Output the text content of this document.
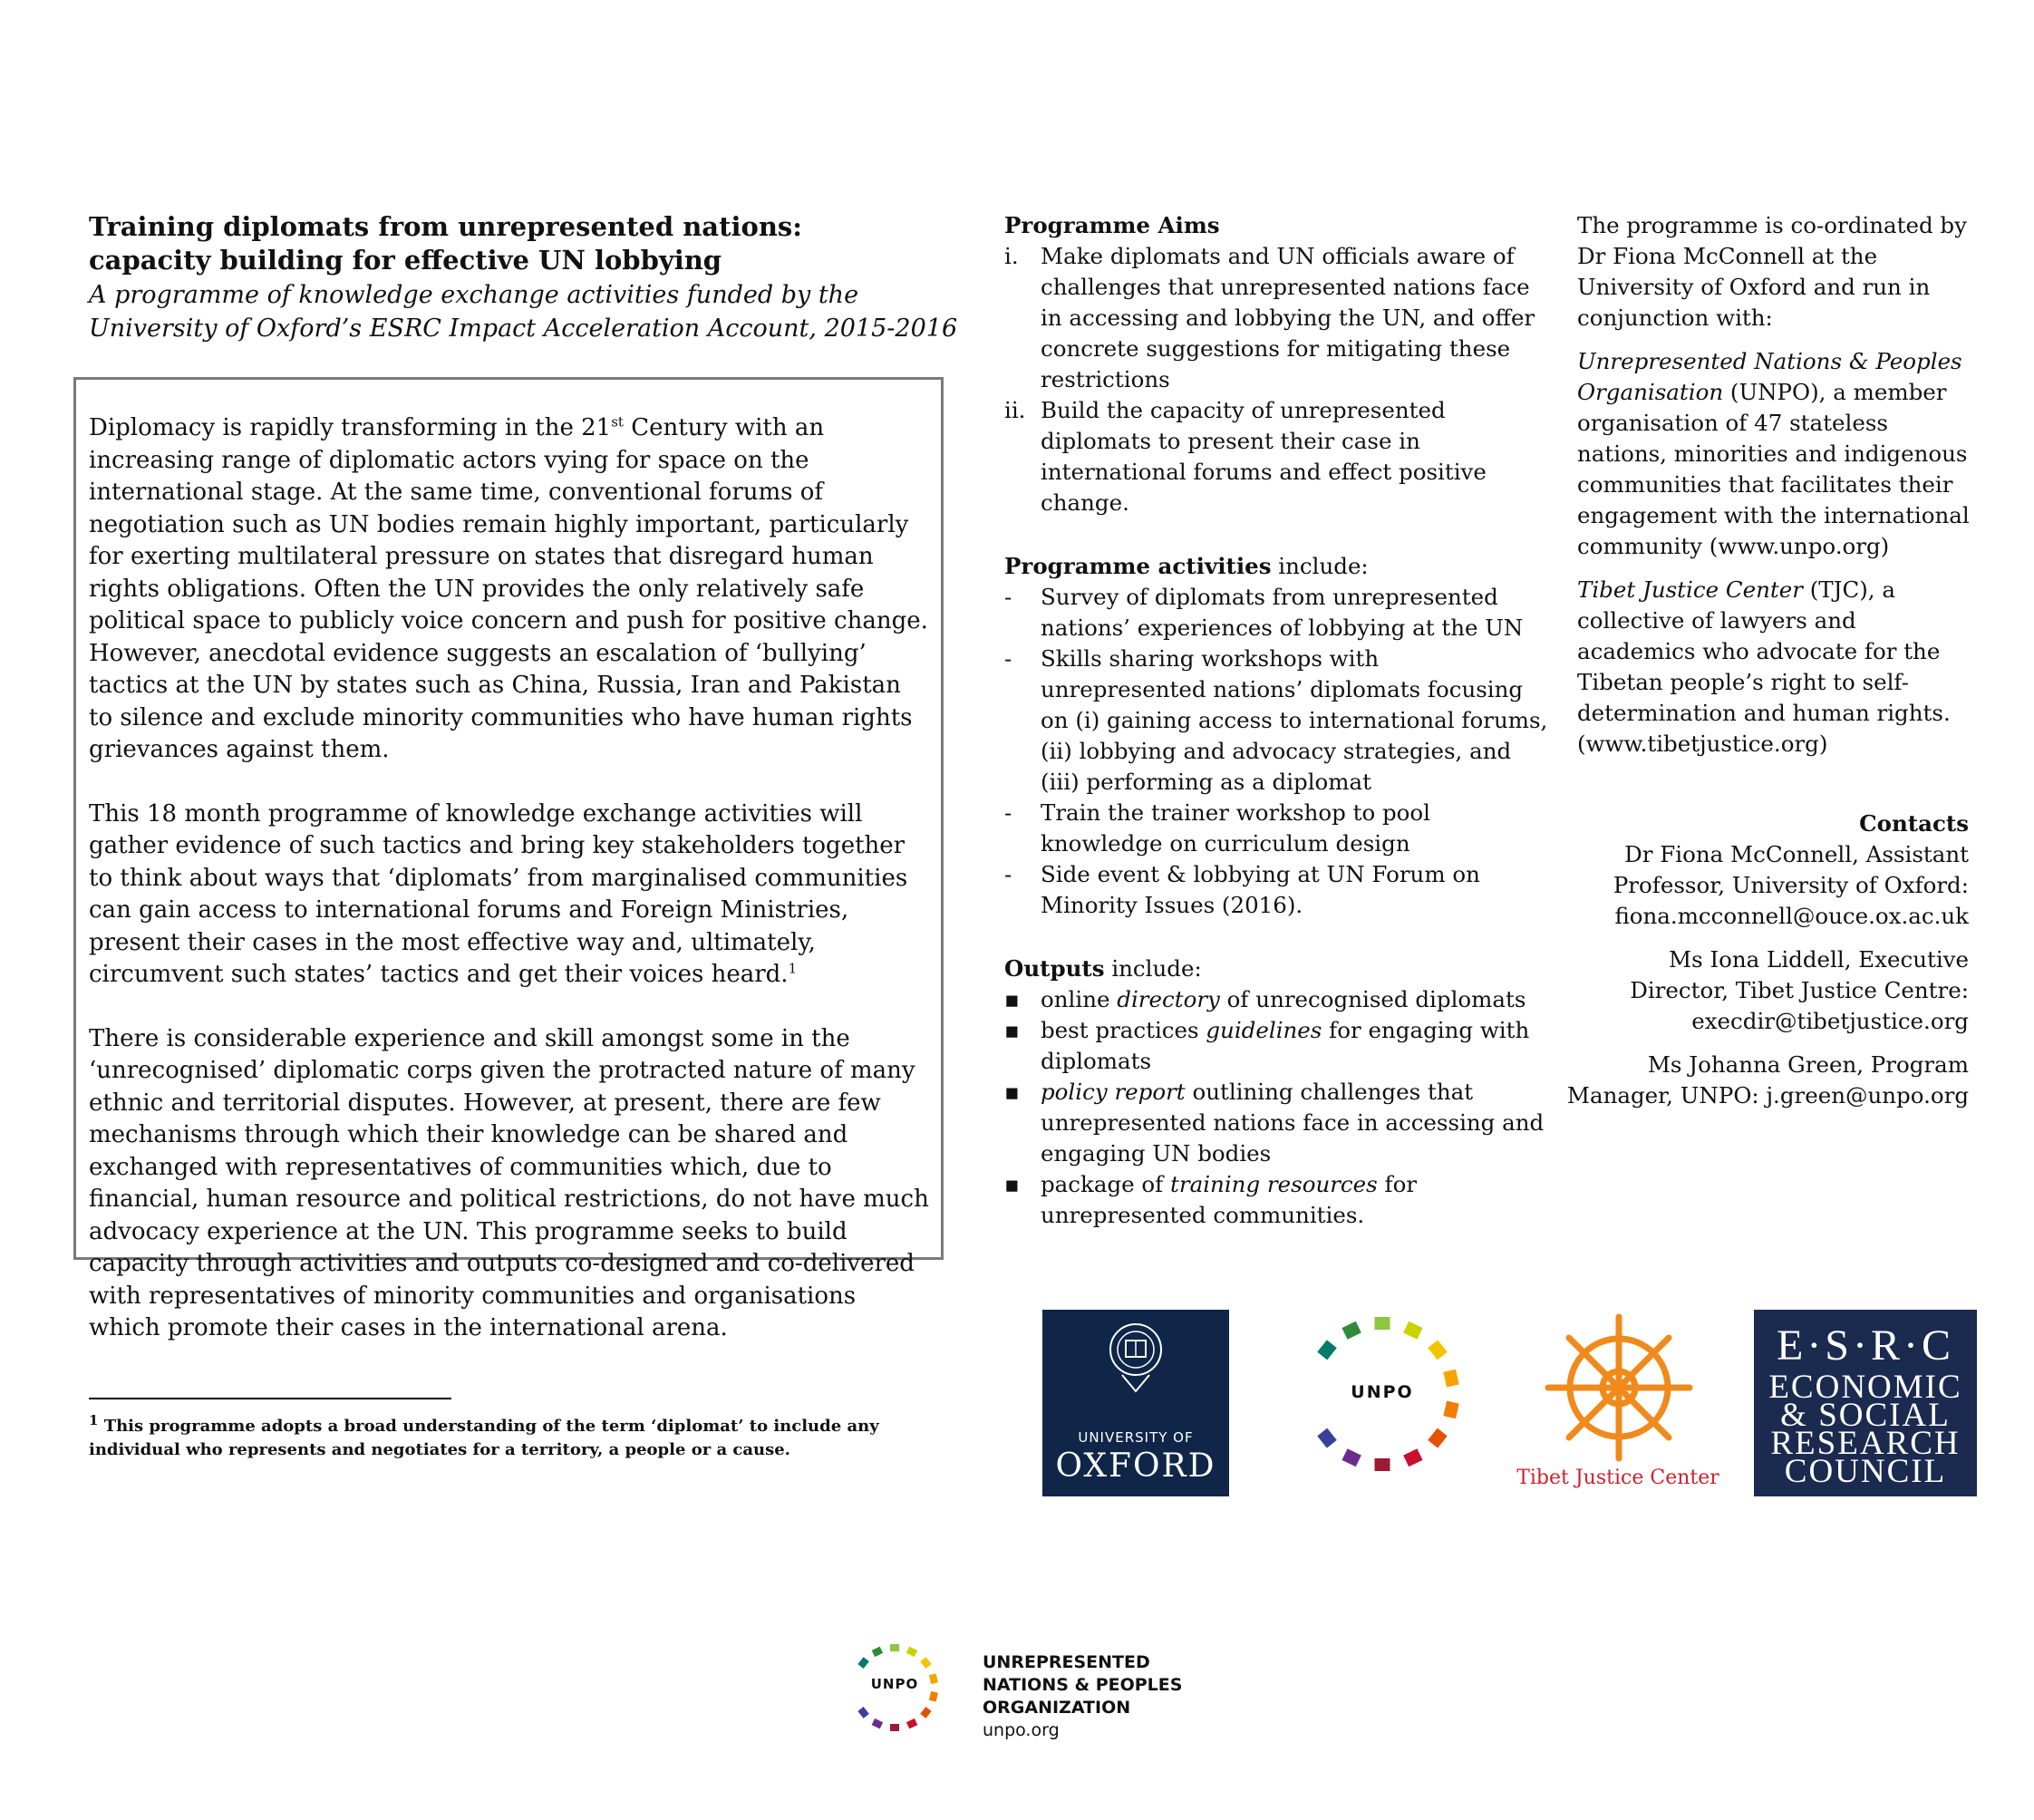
Training diplomats from unrepresented nations:
capacity building for effective UN lobbying
A programme of knowledge exchange activities funded by the
University of Oxford’s ESRC Impact Acceleration Account, 2015-2016

Diplomacy is rapidly transforming in the 21st Century with an increasing range of diplomatic actors vying for space on the international stage. At the same time, conventional forums of negotiation such as UN bodies remain highly important, particularly for exerting multilateral pressure on states that disregard human rights obligations. Often the UN provides the only relatively safe political space to publicly voice concern and push for positive change. However, anecdotal evidence suggests an escalation of ‘bullying’ tactics at the UN by states such as China, Russia, Iran and Pakistan to silence and exclude minority communities who have human rights grievances against them.

This 18 month programme of knowledge exchange activities will gather evidence of such tactics and bring key stakeholders together to think about ways that ‘diplomats’ from marginalised communities can gain access to international forums and Foreign Ministries, present their cases in the most effective way and, ultimately, circumvent such states’ tactics and get their voices heard.$^1$

There is considerable experience and skill amongst some in the ‘unrecognised’ diplomatic corps given the protracted nature of many ethnic and territorial disputes. However, at present, there are few mechanisms through which their knowledge can be shared and exchanged with representatives of communities which, due to financial, human resource and political restrictions, do not have much advocacy experience at the UN. This programme seeks to build capacity through activities and outputs co-designed and co-delivered with representatives of minority communities and organisations which promote their cases in the international arena.

$^1$ This programme adopts a broad understanding of the term ‘diplomat’ to include any individual who represents and negotiates for a territory, a people or a cause.
Programme Aims
i. Make diplomats and UN officials aware of challenges that unrepresented nations face in accessing and lobbying the UN, and offer concrete suggestions for mitigating these restrictions
ii. Build the capacity of unrepresented diplomats to present their case in international forums and effect positive change.
Programme activities include:
-	Survey of diplomats from unrepresented nations’ experiences of lobbying at the UN
-	Skills sharing workshops with unrepresented nations’ diplomats focusing on (i) gaining access to international forums, (ii) lobbying and advocacy strategies, and (iii) performing as a diplomat
-	Train the trainer workshop to pool knowledge on curriculum design
-	Side event & lobbying at UN Forum on Minority Issues (2016).
Outputs include:
▪ online directory of unrecognised diplomats
▪ best practices guidelines for engaging with diplomats
▪ policy report outlining challenges that unrepresented nations face in accessing and engaging UN bodies
▪ package of training resources for unrepresented communities.

The programme is co-ordinated by Dr Fiona McConnell at the University of Oxford and run in conjunction with:

Unrepresented Nations & Peoples Organisation (UNPO), a member organisation of 47 stateless nations, minorities and indigenous communities that facilitates their engagement with the international community (www.unpo.org)

Tibet Justice Center (TJC), a collective of lawyers and academics who advocate for the Tibetan people’s right to self-determination and human rights. (www.tibetjustice.org)

Contacts

Dr Fiona McConnell, Assistant
Professor, University of Oxford:
fiona.mcconnell@ouce.ox.ac.uk

Ms Iona Liddell, Executive
Director, Tibet Justice Centre:
execdir@tibetjustice.org

Ms Johanna Green, Program
Manager, UNPO: j.green@unpo.org

UNIVERSITY OF
OXFORD
UNPO
Tibet Justice Center
E·S·R·C
ECONOMIC
& SOCIAL
RESEARCH
COUNCIL
UNPO
UNREPRESENTED
NATIONS & PEOPLES
ORGANIZATION
unpo.org
